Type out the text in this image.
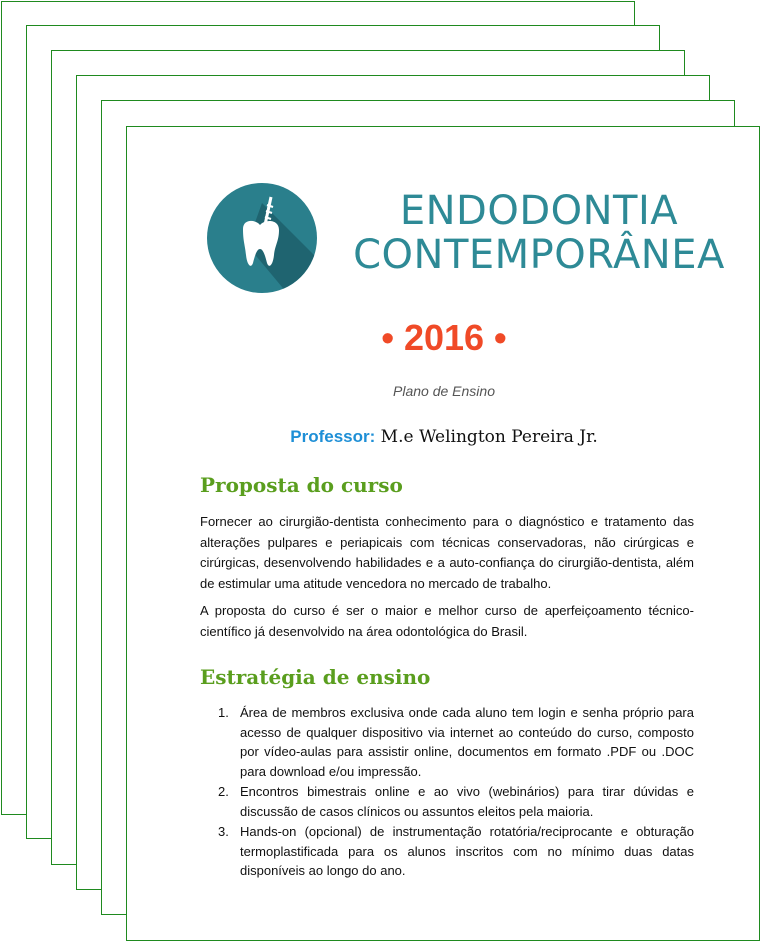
ENDODONTIA
CONTEMPORÂNEA
• 2016 •
Plano de Ensino
Professor: M.e Welington Pereira Jr.
Proposta do curso
Fornecer ao cirurgião-dentista conhecimento para o diagnóstico e tratamento das alterações pulpares e periapicais com técnicas conservadoras, não cirúrgicas e cirúrgicas, desenvolvendo habilidades e a auto-confiança do cirurgião-dentista, além de estimular uma atitude vencedora no mercado de trabalho.
A proposta do curso é ser o maior e melhor curso de aperfeiçoamento técnico-científico já desenvolvido na área odontológica do Brasil.
Estratégia de ensino
1. Área de membros exclusiva onde cada aluno tem login e senha próprio para acesso de qualquer dispositivo via internet ao conteúdo do curso, composto por vídeo-aulas para assistir online, documentos em formato .PDF ou .DOC para download e/ou impressão.
2. Encontros bimestrais online e ao vivo (webinários) para tirar dúvidas e discussão de casos clínicos ou assuntos eleitos pela maioria.
3. Hands-on (opcional) de instrumentação rotatória/reciprocante e obturação termoplastificada para os alunos inscritos com no mínimo duas datas disponíveis ao longo do ano.
